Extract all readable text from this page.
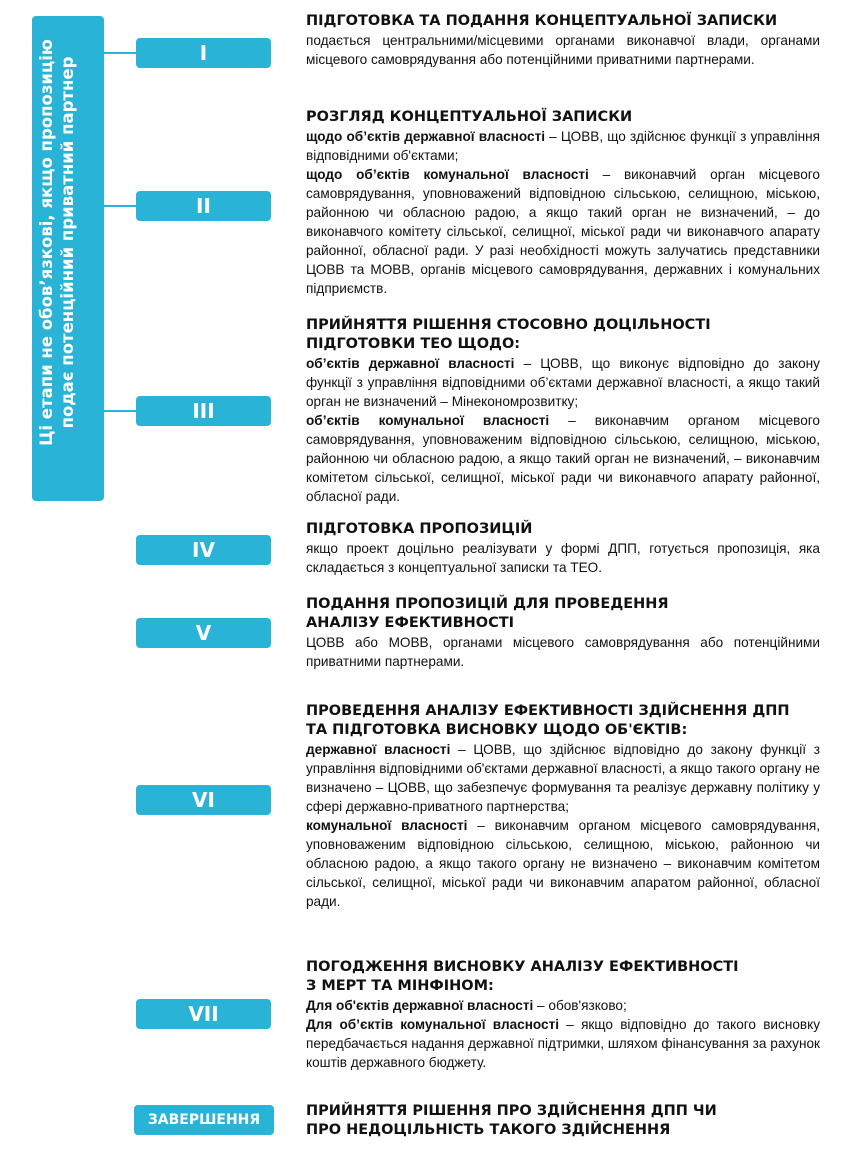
Ці етапи не обов’язкові, якщо пропозицію подає потенційний приватний партнер
I
II
III
IV
V
VI
VII
ЗАВЕРШЕННЯ
ПІДГОТОВКА ТА ПОДАННЯ КОНЦЕПТУАЛЬНОЇ ЗАПИСКИ
подається центральними/місцевими органами виконавчої влади, органами місцевого самоврядування або потенційними приватними партнерами.
РОЗГЛЯД КОНЦЕПТУАЛЬНОЇ ЗАПИСКИ
щодо об’єктів державної власності – ЦОВВ, що здійснює функції з управління відповідними об'єктами;
щодо об’єктів комунальної власності – виконавчий орган місцевого самоврядування, уповноважений відповідною сільською, селищною, міською, районною чи обласною радою, а якщо такий орган не визначений, – до виконавчого комітету сільської, селищної, міської ради чи виконавчого апарату районної, обласної ради. У разі необхідності можуть залучатись представники ЦОВВ та МОВВ, органів місцевого самоврядування, державних і комунальних підприємств.
ПРИЙНЯТТЯ РІШЕННЯ СТОСОВНО ДОЦІЛЬНОСТІ ПІДГОТОВКИ ТЕО ЩОДО:
об’єктів державної власності – ЦОВВ, що виконує відповідно до закону функції з управління відповідними об’єктами державної власності, а якщо такий орган не визначений – Мінекономрозвитку;
об’єктів комунальної власності – виконавчим органом місцевого самоврядування, уповноваженим відповідною сільською, селищною, міською, районною чи обласною радою, а якщо такий орган не визначений, – виконавчим комітетом сільської, селищної, міської ради чи виконавчого апарату районної, обласної ради.
ПІДГОТОВКА ПРОПОЗИЦІЙ
якщо проект доцільно реалізувати у формі ДПП, готується пропозиція, яка складається з концептуальної записки та ТЕО.
ПОДАННЯ ПРОПОЗИЦІЙ ДЛЯ ПРОВЕДЕННЯ АНАЛІЗУ ЕФЕКТИВНОСТІ
ЦОВВ або МОВВ, органами місцевого самоврядування або потенційними приватними партнерами.
ПРОВЕДЕННЯ АНАЛІЗУ ЕФЕКТИВНОСТІ ЗДІЙСНЕННЯ ДПП ТА ПІДГОТОВКА ВИСНОВКУ ЩОДО ОБ'ЄКТІВ:
державної власності – ЦОВВ, що здійснює відповідно до закону функції з управління відповідними об'єктами державної власності, а якщо такого органу не визначено – ЦОВВ, що забезпечує формування та реалізує державну політику у сфері державно-приватного партнерства;
комунальної власності – виконавчим органом місцевого самоврядування, уповноваженим відповідною сільською, селищною, міською, районною чи обласною радою, а якщо такого органу не визначено – виконавчим комітетом сільської, селищної, міської ради чи виконавчим апаратом районної, обласної ради.
ПОГОДЖЕННЯ ВИСНОВКУ АНАЛІЗУ ЕФЕКТИВНОСТІ З МЕРТ ТА МІНФІНОМ:
Для об'єктів державної власності – обов'язково;
Для об’єктів комунальної власності – якщо відповідно до такого висновку передбачається надання державної підтримки, шляхом фінансування за рахунок коштів державного бюджету.
ПРИЙНЯТТЯ РІШЕННЯ ПРО ЗДІЙСНЕННЯ ДПП ЧИ ПРО НЕДОЦІЛЬНІСТЬ ТАКОГО ЗДІЙСНЕННЯ
